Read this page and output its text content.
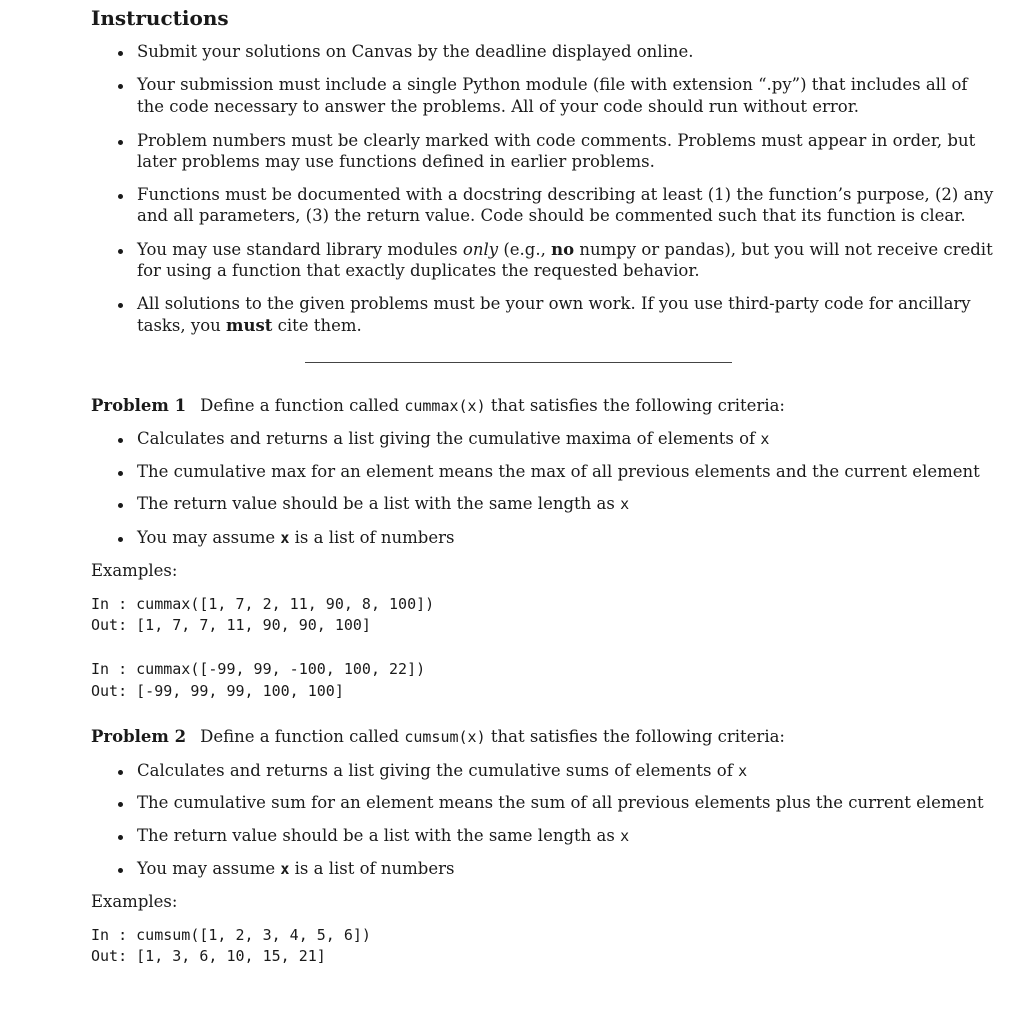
Instructions
Submit your solutions on Canvas by the deadline displayed online.
Your submission must include a single Python module (file with extension “.py”) that includes all of
the code necessary to answer the problems. All of your code should run without error.
Problem numbers must be clearly marked with code comments. Problems must appear in order, but
later problems may use functions defined in earlier problems.
Functions must be documented with a docstring describing at least (1) the function’s purpose, (2) any
and all parameters, (3) the return value. Code should be commented such that its function is clear.
You may use standard library modules only (e.g., no numpy or pandas), but you will not receive credit
for using a function that exactly duplicates the requested behavior.
All solutions to the given problems must be your own work. If you use third-party code for ancillary
tasks, you must cite them.
Problem 1 Define a function called cummax(x) that satisfies the following criteria:
Calculates and returns a list giving the cumulative maxima of elements of x
The cumulative max for an element means the max of all previous elements and the current element
The return value should be a list with the same length as x
You may assume x is a list of numbers
Examples:
In : cummax([1, 7, 2, 11, 90, 8, 100])
Out: [1, 7, 7, 11, 90, 90, 100]
In : cummax([-99, 99, -100, 100, 22])
Out: [-99, 99, 99, 100, 100]
Problem 2 Define a function called cumsum(x) that satisfies the following criteria:
Calculates and returns a list giving the cumulative sums of elements of x
The cumulative sum for an element means the sum of all previous elements plus the current element
The return value should be a list with the same length as x
You may assume x is a list of numbers
Examples:
In : cumsum([1, 2, 3, 4, 5, 6])
Out: [1, 3, 6, 10, 15, 21]
